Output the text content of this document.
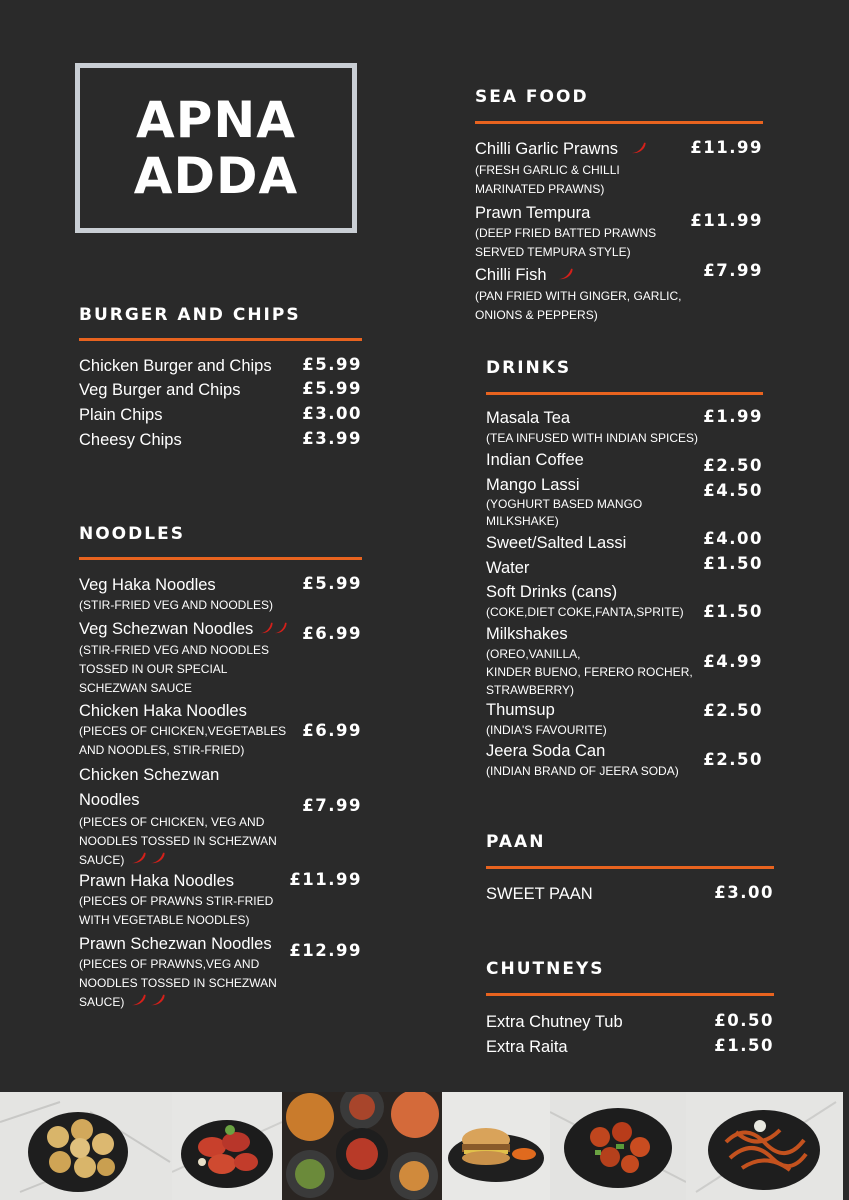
APNA
ADDA
BURGER AND CHIPS
Chicken Burger and Chips	£5.99
Veg Burger and Chips	£5.99
Plain Chips	£3.00
Cheesy Chips	£3.99
NOODLES
Veg Haka Noodles
(STIR-FRIED VEG AND NOODLES)
£5.99
Veg Schezwan Noodles
(STIR-FRIED VEG AND NOODLES
TOSSED IN OUR SPECIAL
SCHEZWAN SAUCE
£6.99
Chicken Haka Noodles
(PIECES OF CHICKEN,VEGETABLES
AND NOODLES, STIR-FRIED)
£6.99
Chicken Schezwan
Noodles
(PIECES OF CHICKEN, VEG AND
NOODLES TOSSED IN SCHEZWAN
SAUCE)
£7.99
Prawn Haka Noodles
(PIECES OF PRAWNS STIR-FRIED
WITH VEGETABLE NOODLES)
£11.99
Prawn Schezwan Noodles
(PIECES OF PRAWNS,VEG AND
NOODLES TOSSED IN SCHEZWAN
SAUCE)
£12.99
SEA FOOD
Chilli Garlic Prawns
(FRESH GARLIC & CHILLI
MARINATED PRAWNS)
£11.99
Prawn Tempura
(DEEP FRIED BATTED PRAWNS
SERVED TEMPURA STYLE)
£11.99
Chilli Fish
(PAN FRIED WITH GINGER, GARLIC,
ONIONS & PEPPERS)
£7.99
DRINKS
Masala Tea
(TEA INFUSED WITH INDIAN SPICES)
£1.99
Indian Coffee	£2.50
Mango Lassi
(YOGHURT BASED MANGO
MILKSHAKE)
£4.50
Sweet/Salted Lassi	£4.00
Water	£1.50
Soft Drinks (cans)
(COKE,DIET COKE,FANTA,SPRITE)	£1.50
Milkshakes
(OREO,VANILLA,
KINDER BUENO, FERERO ROCHER,
STRAWBERRY)
£4.99
Thumsup
(INDIA'S FAVOURITE)
£2.50
Jeera Soda Can
(INDIAN BRAND OF JEERA SODA)
£2.50
PAAN
SWEET PAAN	£3.00
CHUTNEYS
Extra Chutney Tub	£0.50
Extra Raita	£1.50
